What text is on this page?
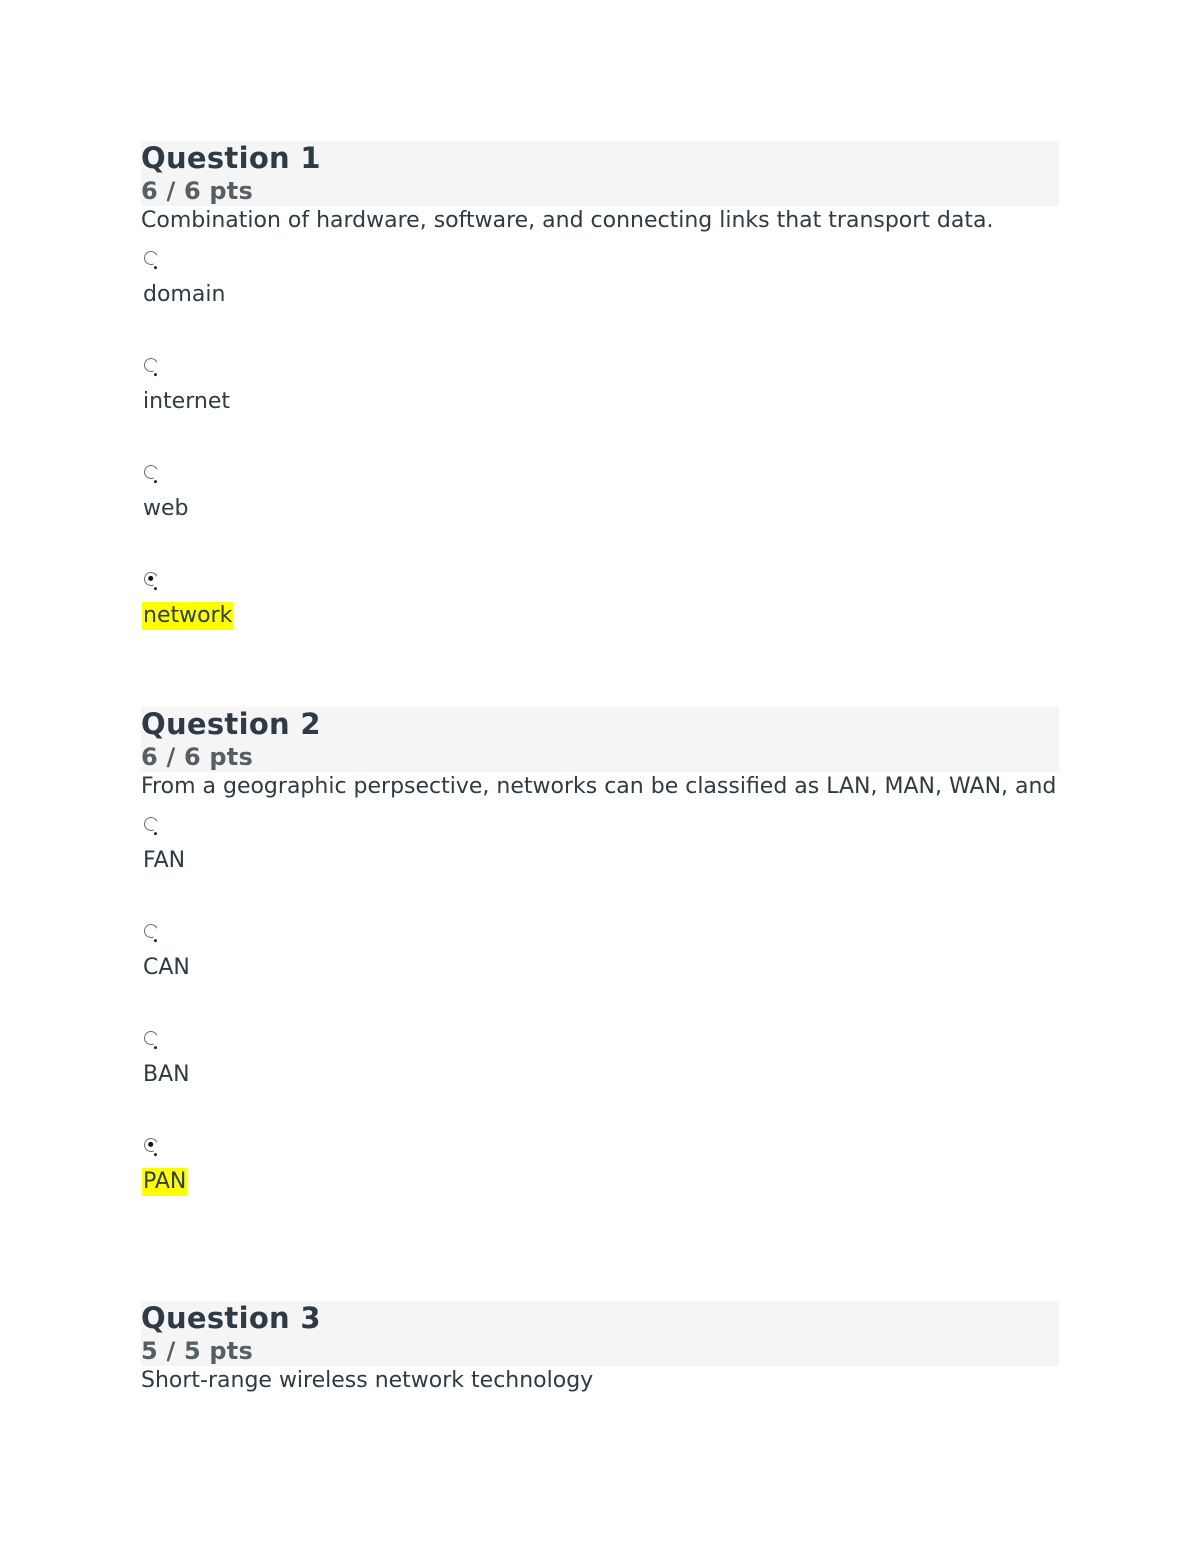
Question 1
6 / 6 pts
Combination of hardware, software, and connecting links that transport data.
domain
internet
web
network
Question 2
6 / 6 pts
From a geographic perpsective, networks can be classified as LAN, MAN, WAN, and
FAN
CAN
BAN
PAN
Question 3
5 / 5 pts
Short-range wireless network technology
